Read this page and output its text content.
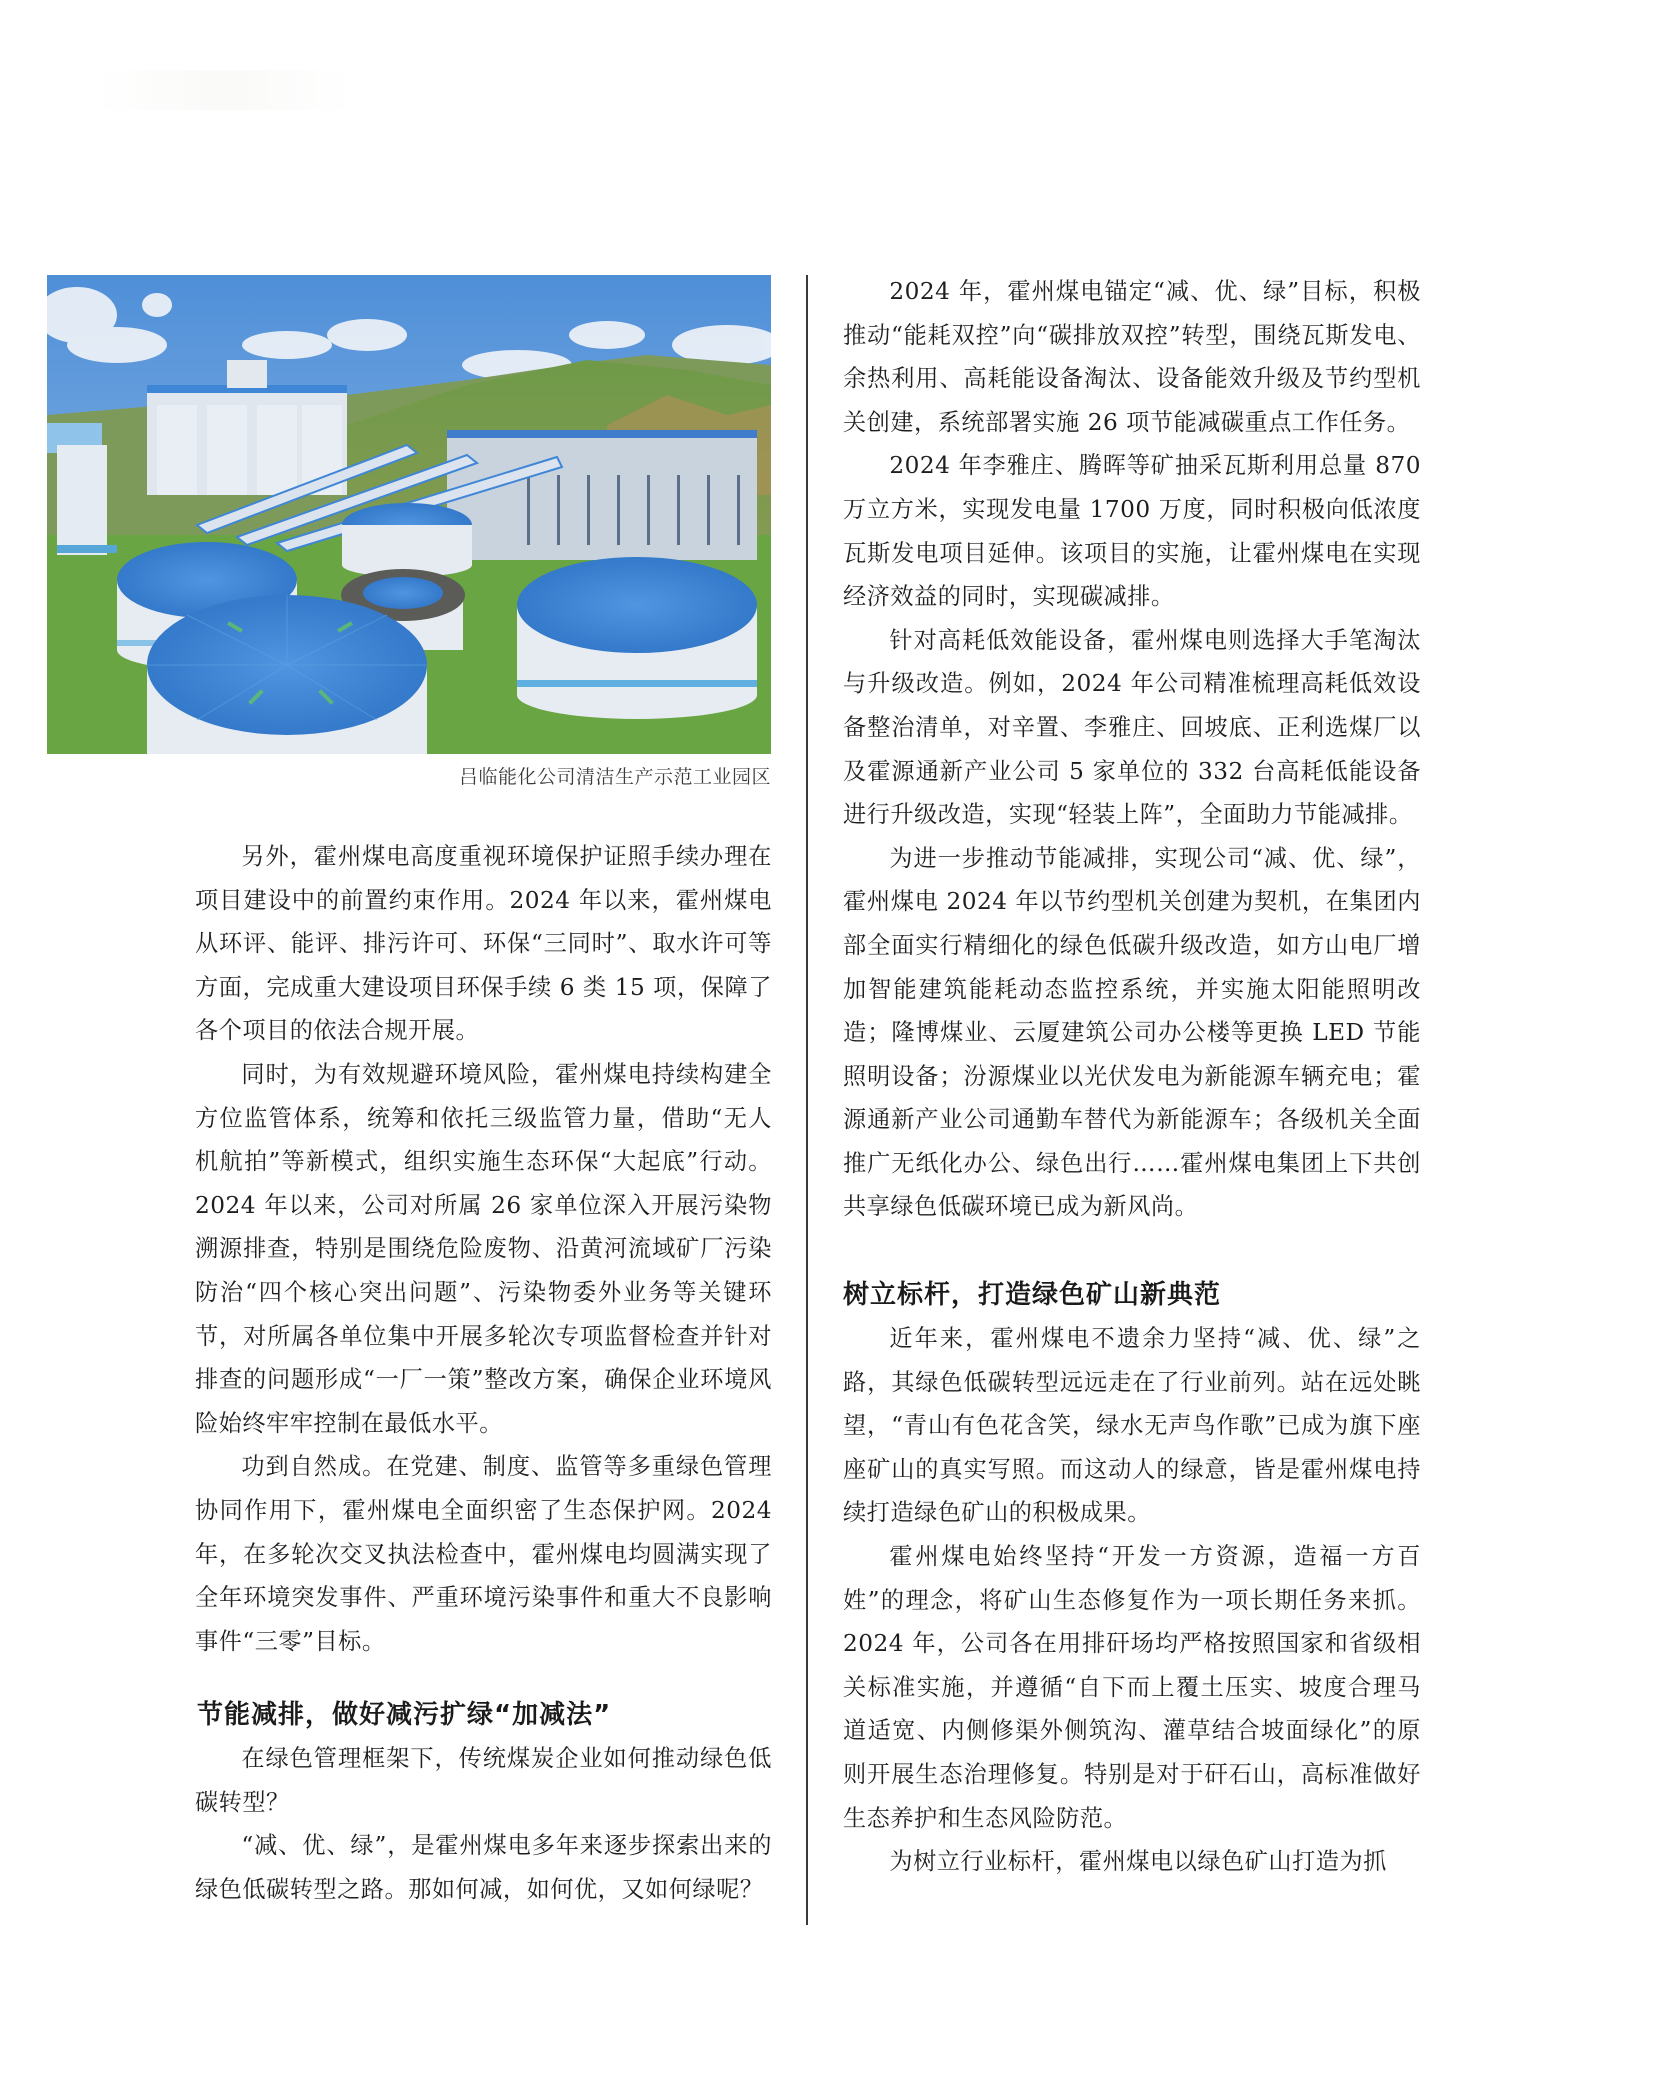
吕临能化公司清洁生产示范工业园区

另外，霍州煤电高度重视环境保护证照手续办理在项目建设中的前置约束作用。2024 年以来，霍州煤电从环评、能评、排污许可、环保“三同时”、取水许可等方面，完成重大建设项目环保手续 6 类 15 项，保障了各个项目的依法合规开展。

同时，为有效规避环境风险，霍州煤电持续构建全方位监管体系，统筹和依托三级监管力量，借助“无人机航拍”等新模式，组织实施生态环保“大起底”行动。2024 年以来，公司对所属 26 家单位深入开展污染物溯源排查，特别是围绕危险废物、沿黄河流域矿厂污染防治“四个核心突出问题”、污染物委外业务等关键环节，对所属各单位集中开展多轮次专项监督检查并针对排查的问题形成“一厂一策”整改方案，确保企业环境风险始终牢牢控制在最低水平。

功到自然成。在党建、制度、监管等多重绿色管理协同作用下，霍州煤电全面织密了生态保护网。2024 年，在多轮次交叉执法检查中，霍州煤电均圆满实现了全年环境突发事件、严重环境污染事件和重大不良影响事件“三零”目标。

节能减排，做好减污扩绿“加减法”

在绿色管理框架下，传统煤炭企业如何推动绿色低碳转型？

“减、优、绿”，是霍州煤电多年来逐步探索出来的绿色低碳转型之路。那如何减，如何优，又如何绿呢？

2024 年，霍州煤电锚定“减、优、绿”目标，积极推动“能耗双控”向“碳排放双控”转型，围绕瓦斯发电、余热利用、高耗能设备淘汰、设备能效升级及节约型机关创建，系统部署实施 26 项节能减碳重点工作任务。

2024 年李雅庄、腾晖等矿抽采瓦斯利用总量 870 万立方米，实现发电量 1700 万度，同时积极向低浓度瓦斯发电项目延伸。该项目的实施，让霍州煤电在实现经济效益的同时，实现碳减排。

针对高耗低效能设备，霍州煤电则选择大手笔淘汰与升级改造。例如，2024 年公司精准梳理高耗低效设备整治清单，对辛置、李雅庄、回坡底、正利选煤厂以及霍源通新产业公司 5 家单位的 332 台高耗低能设备进行升级改造，实现“轻装上阵”，全面助力节能减排。

为进一步推动节能减排，实现公司“减、优、绿”，霍州煤电 2024 年以节约型机关创建为契机，在集团内部全面实行精细化的绿色低碳升级改造，如方山电厂增加智能建筑能耗动态监控系统，并实施太阳能照明改造；隆博煤业、云厦建筑公司办公楼等更换 LED 节能照明设备；汾源煤业以光伏发电为新能源车辆充电；霍源通新产业公司通勤车替代为新能源车；各级机关全面推广无纸化办公、绿色出行……霍州煤电集团上下共创共享绿色低碳环境已成为新风尚。

树立标杆，打造绿色矿山新典范

近年来，霍州煤电不遗余力坚持“减、优、绿”之路，其绿色低碳转型远远走在了行业前列。站在远处眺望，“青山有色花含笑，绿水无声鸟作歌”已成为旗下座座矿山的真实写照。而这动人的绿意，皆是霍州煤电持续打造绿色矿山的积极成果。

霍州煤电始终坚持“开发一方资源，造福一方百姓”的理念，将矿山生态修复作为一项长期任务来抓。2024 年，公司各在用排矸场均严格按照国家和省级相关标准实施，并遵循“自下而上覆土压实、坡度合理马道适宽、内侧修渠外侧筑沟、灌草结合坡面绿化”的原则开展生态治理修复。特别是对于矸石山，高标准做好生态养护和生态风险防范。

为树立行业标杆，霍州煤电以绿色矿山打造为抓
